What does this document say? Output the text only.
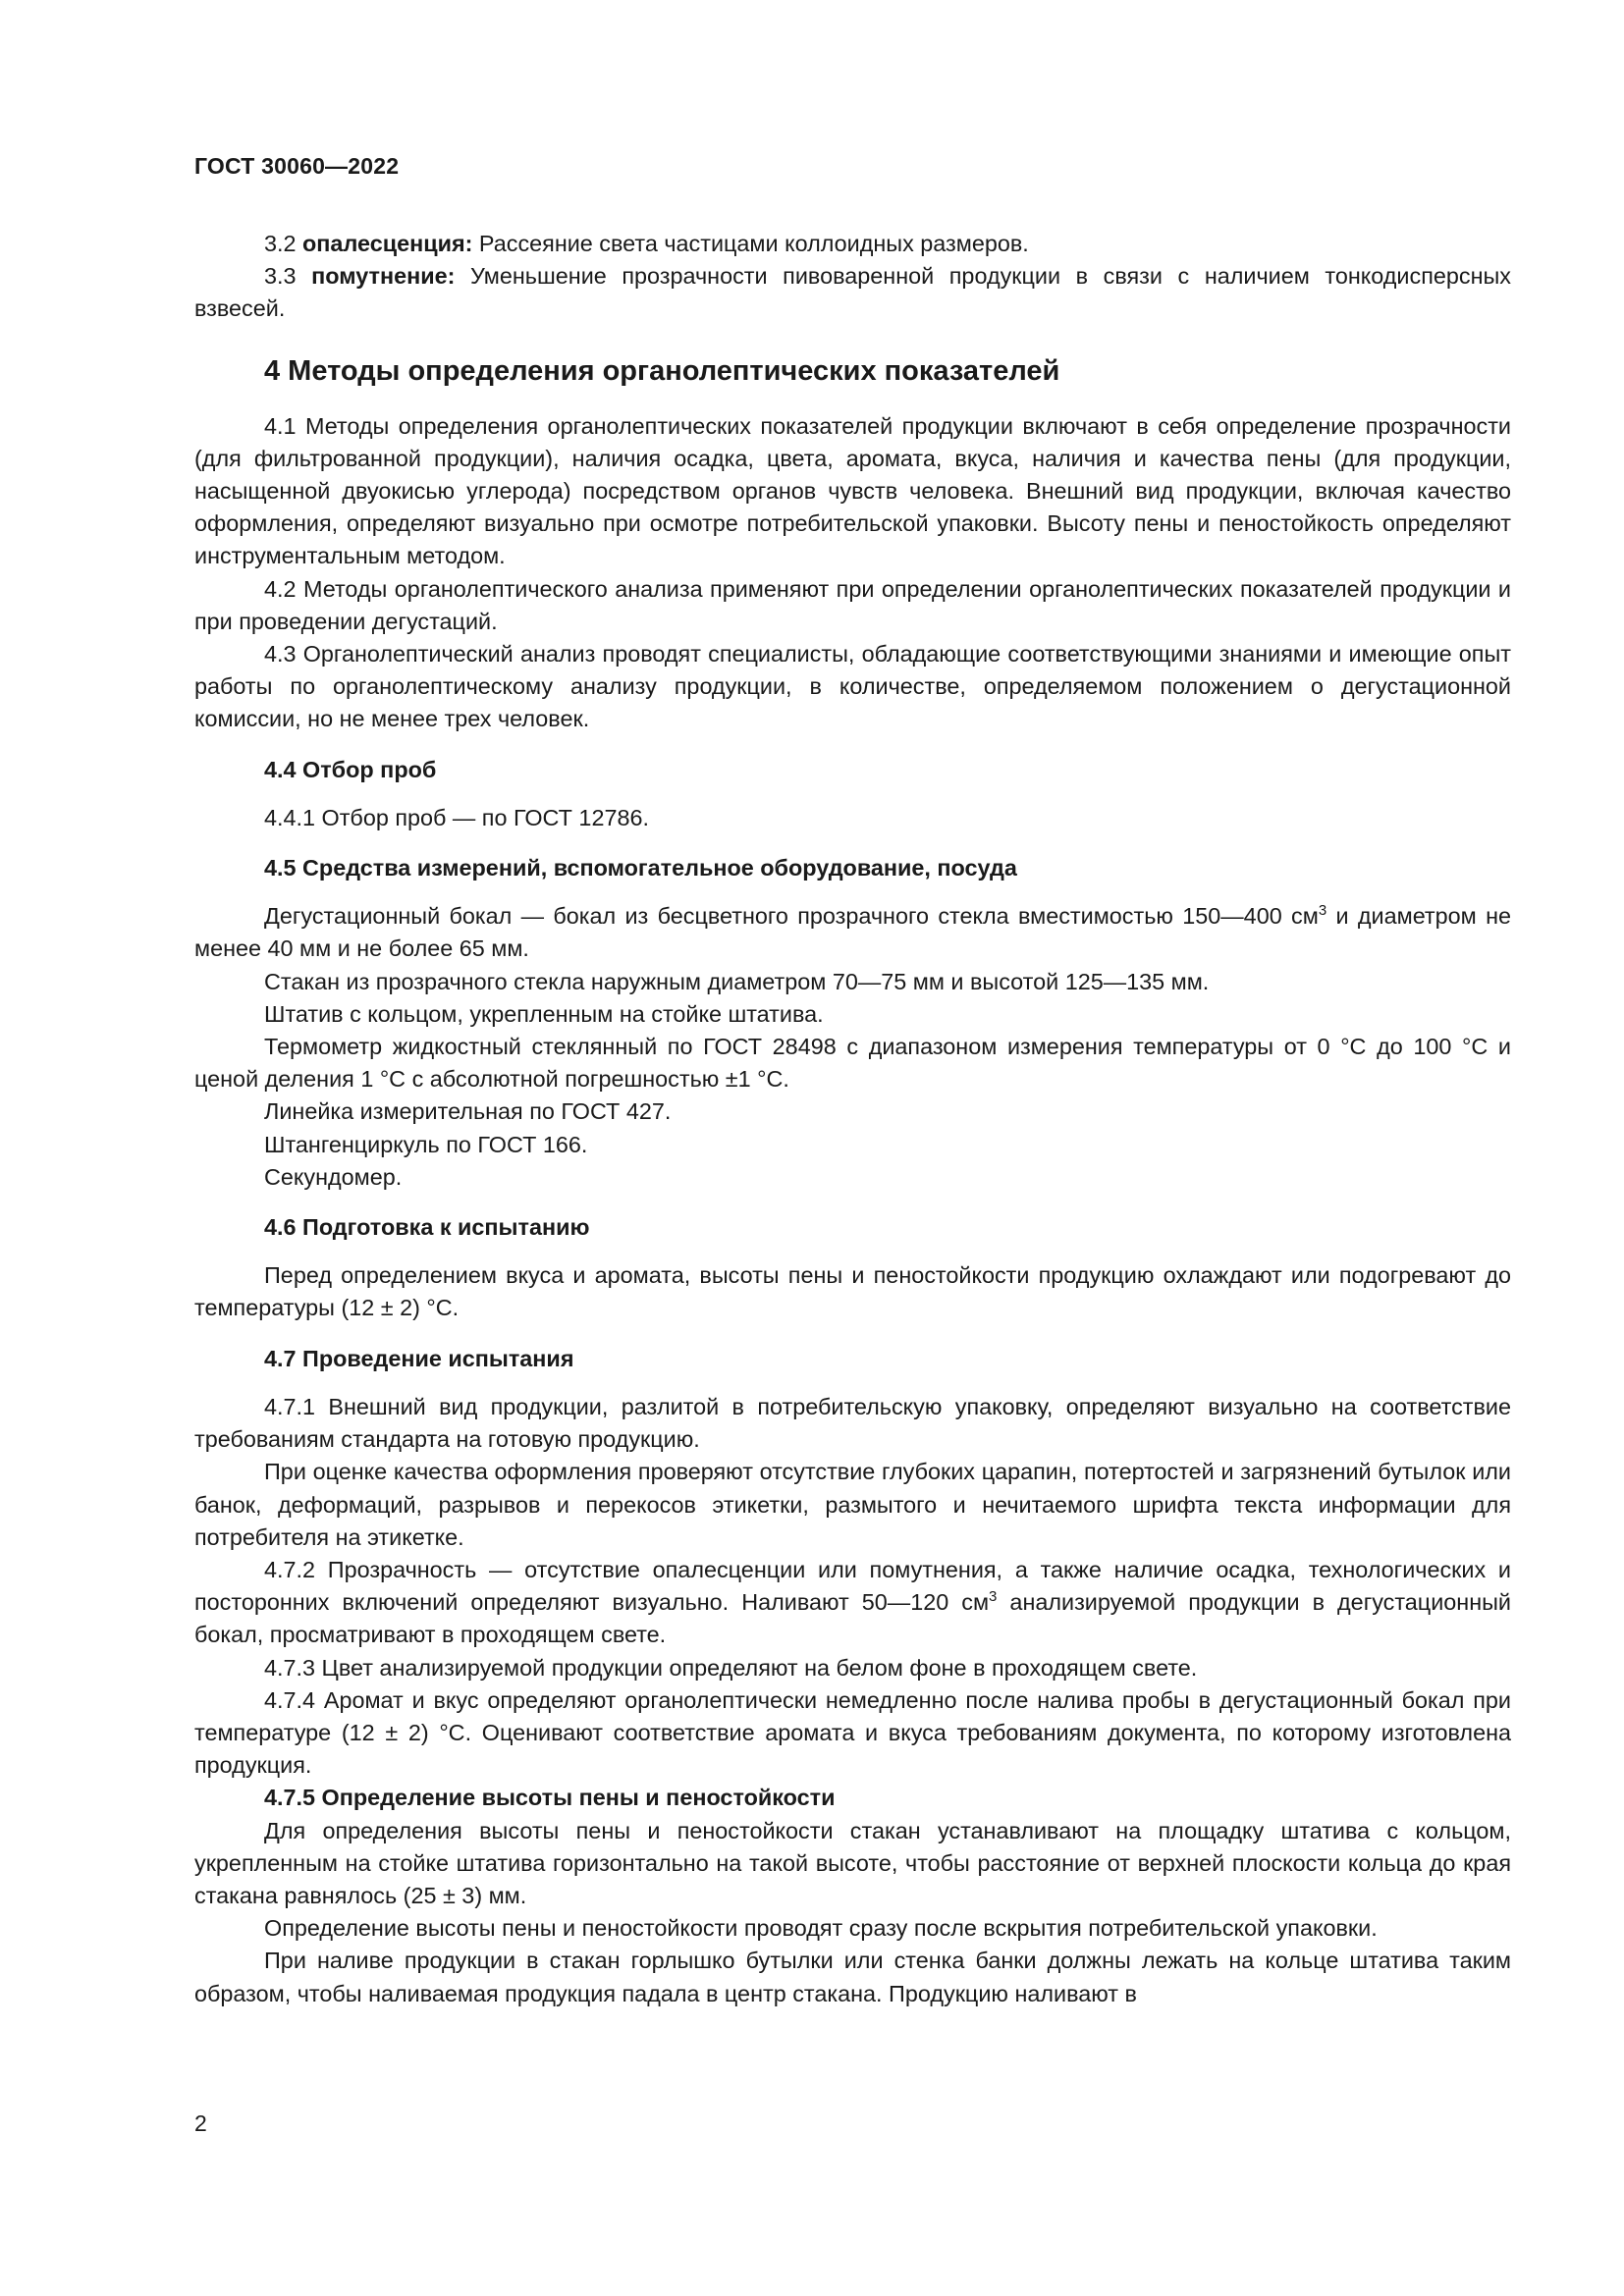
ГОСТ 30060—2022

3.2 опалесценция: Рассеяние света частицами коллоидных размеров.

3.3 помутнение: Уменьшение прозрачности пивоваренной продукции в связи с наличием тонкодисперсных взвесей.

4 Методы определения органолептических показателей

4.1 Методы определения органолептических показателей продукции включают в себя определение прозрачности (для фильтрованной продукции), наличия осадка, цвета, аромата, вкуса, наличия и качества пены (для продукции, насыщенной двуокисью углерода) посредством органов чувств человека. Внешний вид продукции, включая качество оформления, определяют визуально при осмотре потребительской упаковки. Высоту пены и пеностойкость определяют инструментальным методом.

4.2 Методы органолептического анализа применяют при определении органолептических показателей продукции и при проведении дегустаций.

4.3 Органолептический анализ проводят специалисты, обладающие соответствующими знаниями и имеющие опыт работы по органолептическому анализу продукции, в количестве, определяемом положением о дегустационной комиссии, но не менее трех человек.

4.4 Отбор проб

4.4.1 Отбор проб — по ГОСТ 12786.

4.5 Средства измерений, вспомогательное оборудование, посуда

Дегустационный бокал — бокал из бесцветного прозрачного стекла вместимостью 150—400 $см^3$ и диаметром не менее 40 мм и не более 65 мм.

Стакан из прозрачного стекла наружным диаметром 70—75 мм и высотой 125—135 мм.

Штатив с кольцом, укрепленным на стойке штатива.

Термометр жидкостный стеклянный по ГОСТ 28498 с диапазоном измерения температуры от 0 °C до 100 °C и ценой деления 1 °C с абсолютной погрешностью ±1 °C.

Линейка измерительная по ГОСТ 427.

Штангенциркуль по ГОСТ 166.

Секундомер.

4.6 Подготовка к испытанию

Перед определением вкуса и аромата, высоты пены и пеностойкости продукцию охлаждают или подогревают до температуры (12 ± 2) °C.

4.7 Проведение испытания

4.7.1 Внешний вид продукции, разлитой в потребительскую упаковку, определяют визуально на соответствие требованиям стандарта на готовую продукцию.

При оценке качества оформления проверяют отсутствие глубоких царапин, потертостей и загрязнений бутылок или банок, деформаций, разрывов и перекосов этикетки, размытого и нечитаемого шрифта текста информации для потребителя на этикетке.

4.7.2 Прозрачность — отсутствие опалесценции или помутнения, а также наличие осадка, технологических и посторонних включений определяют визуально. Наливают 50—120 $см^3$ анализируемой продукции в дегустационный бокал, просматривают в проходящем свете.

4.7.3 Цвет анализируемой продукции определяют на белом фоне в проходящем свете.

4.7.4 Аромат и вкус определяют органолептически немедленно после налива пробы в дегустационный бокал при температуре (12 ± 2) °C. Оценивают соответствие аромата и вкуса требованиям документа, по которому изготовлена продукция.

4.7.5 Определение высоты пены и пеностойкости

Для определения высоты пены и пеностойкости стакан устанавливают на площадку штатива с кольцом, укрепленным на стойке штатива горизонтально на такой высоте, чтобы расстояние от верхней плоскости кольца до края стакана равнялось (25 ± 3) мм.

Определение высоты пены и пеностойкости проводят сразу после вскрытия потребительской упаковки.

При наливе продукции в стакан горлышко бутылки или стенка банки должны лежать на кольце штатива таким образом, чтобы наливаемая продукция падала в центр стакана. Продукцию наливают в

2
